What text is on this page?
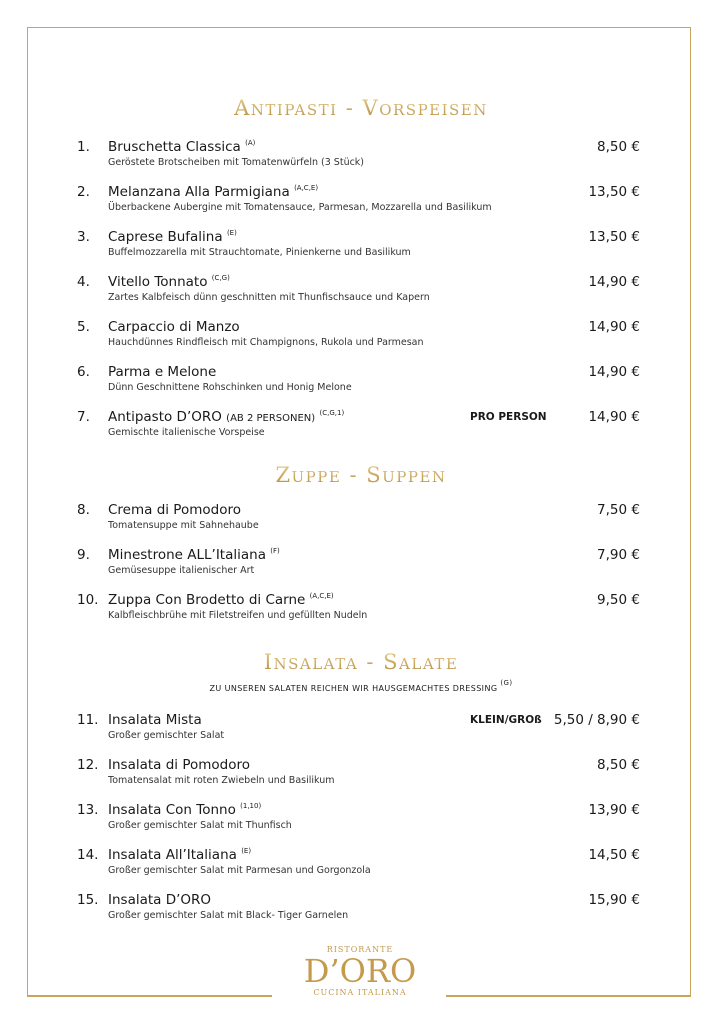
Antipasti - Vorspeisen
1. Bruschetta Classica $^{(A)}$
Geröstete Brotscheiben mit Tomatenwürfeln (3 Stück)
8,50 €
2. Melanzana Alla Parmigiana $^{(A,C,E)}$
Überbackene Aubergine mit Tomatensauce, Parmesan, Mozzarella und Basilikum
13,50 €
3. Caprese Bufalina $^{(E)}$
Buffelmozzarella mit Strauchtomate, Pinienkerne und Basilikum
13,50 €
4. Vitello Tonnato $^{(C,G)}$
Zartes Kalbfeisch dünn geschnitten mit Thunfischsauce und Kapern
14,90 €
5. Carpaccio di Manzo
Hauchdünnes Rindfleisch mit Champignons, Rukola und Parmesan
14,90 €
6. Parma e Melone
Dünn Geschnittene Rohschinken und Honig Melone
14,90 €
7. Antipasto D’ORO (AB 2 PERSONEN) $^{(C,G,1)}$
Gemischte italienische Vorspeise
PRO PERSON	14,90 €
Zuppe - Suppen
8. Crema di Pomodoro
Tomatensuppe mit Sahnehaube
7,50 €
9. Minestrone ALL’Italiana $^{(F)}$
Gemüsesuppe italienischer Art
7,90 €
10. Zuppa Con Brodetto di Carne $^{(A,C,E)}$
Kalbfleischbrühe mit Filetstreifen und gefüllten Nudeln
9,50 €
Insalata - Salate
ZU UNSEREN SALATEN REICHEN WIR HAUSGEMACHTES DRESSING $^{(G)}$
11. Insalata Mista
Großer gemischter Salat
KLEIN/GROß 5,50 / 8,90 €
12. Insalata di Pomodoro
Tomatensalat mit roten Zwiebeln und Basilikum
8,50 €
13. Insalata Con Tonno $^{(1,10)}$
Großer gemischter Salat mit Thunfisch
13,90 €
14. Insalata All’Italiana $^{(E)}$
Großer gemischter Salat mit Parmesan und Gorgonzola
14,50 €
15. Insalata D’ORO
Großer gemischter Salat mit Black- Tiger Garnelen
15,90 €
RISTORANTE
D’ORO
CUCINA ITALIANA
